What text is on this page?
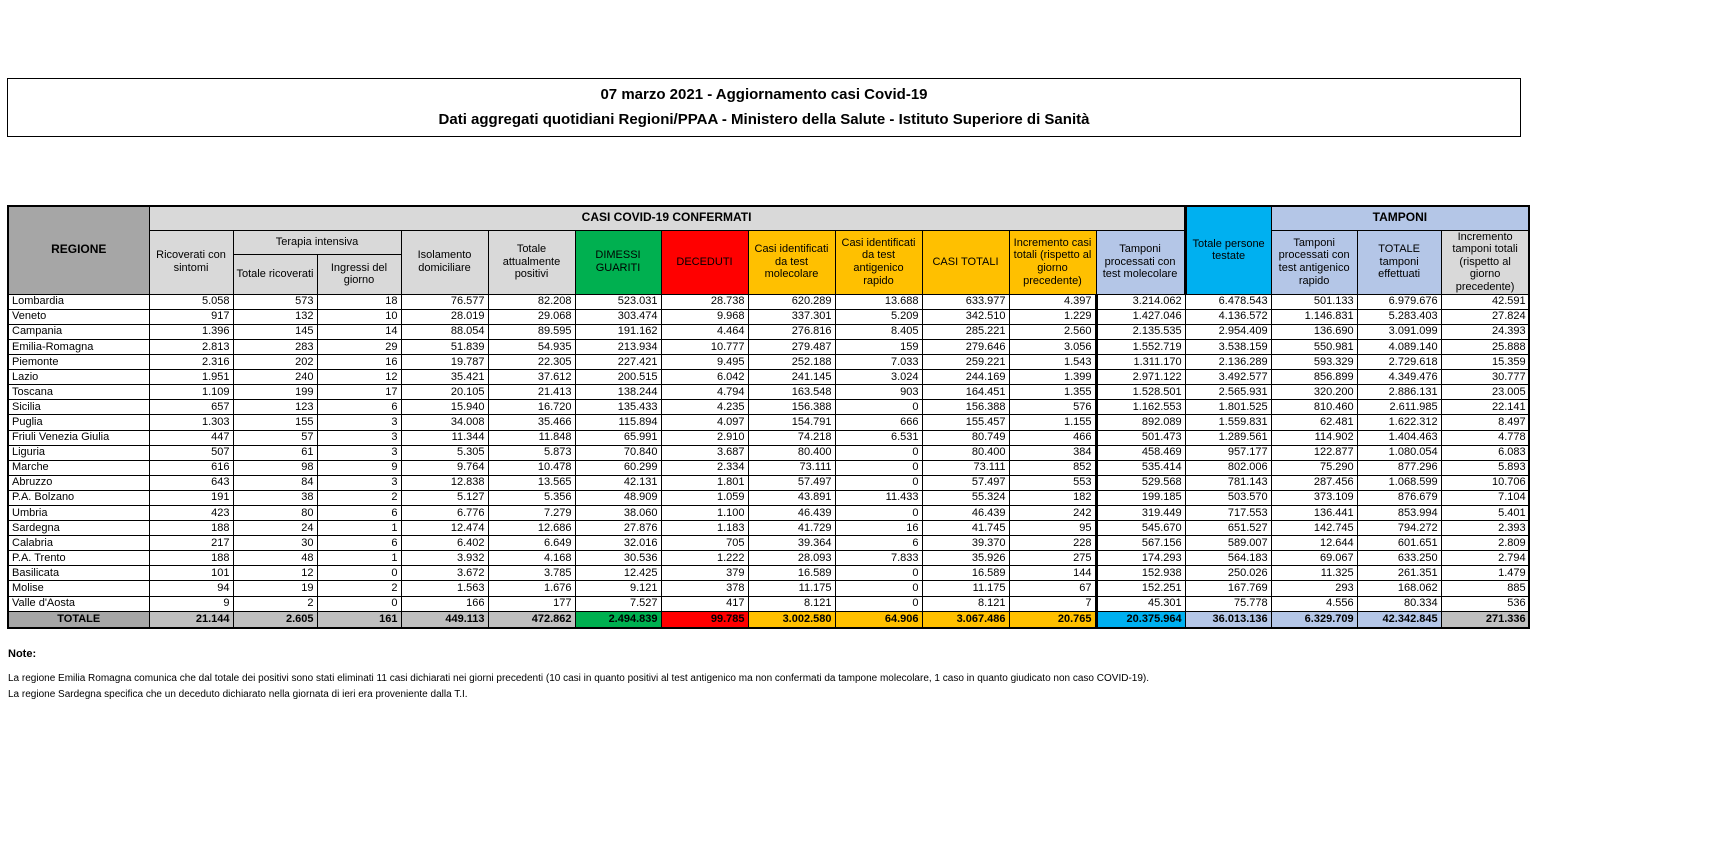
07 marzo 2021 - Aggiornamento casi Covid-19
Dati aggregati quotidiani Regioni/PPAA - Ministero della Salute - Istituto Superiore di Sanità
REGIONE	CASI COVID-19 CONFERMATI												Totale persone testate	TAMPONI		
	Ricoverati con sintomi	Terapia intensiva		Isolamento domiciliare	Totale attualmente positivi	DIMESSI GUARITI	DECEDUTI	Casi identificati da test molecolare	Casi identificati da test antigenico rapido	CASI TOTALI	Incremento casi totali (rispetto al giorno precedente)	Tamponi processati con test molecolare		Tamponi processati con test antigenico rapido	TOTALE tamponi effettuati	Incremento tamponi totali (rispetto al giorno precedente)
		Totale ricoverati	Ingressi del giorno													
Lombardia	5.058	573	18	76.577	82.208	523.031	28.738	620.289	13.688	633.977	4.397	3.214.062	6.478.543	501.133	6.979.676	42.591
Veneto	917	132	10	28.019	29.068	303.474	9.968	337.301	5.209	342.510	1.229	1.427.046	4.136.572	1.146.831	5.283.403	27.824
Campania	1.396	145	14	88.054	89.595	191.162	4.464	276.816	8.405	285.221	2.560	2.135.535	2.954.409	136.690	3.091.099	24.393
Emilia-Romagna	2.813	283	29	51.839	54.935	213.934	10.777	279.487	159	279.646	3.056	1.552.719	3.538.159	550.981	4.089.140	25.888
Piemonte	2.316	202	16	19.787	22.305	227.421	9.495	252.188	7.033	259.221	1.543	1.311.170	2.136.289	593.329	2.729.618	15.359
Lazio	1.951	240	12	35.421	37.612	200.515	6.042	241.145	3.024	244.169	1.399	2.971.122	3.492.577	856.899	4.349.476	30.777
Toscana	1.109	199	17	20.105	21.413	138.244	4.794	163.548	903	164.451	1.355	1.528.501	2.565.931	320.200	2.886.131	23.005
Sicilia	657	123	6	15.940	16.720	135.433	4.235	156.388	0	156.388	576	1.162.553	1.801.525	810.460	2.611.985	22.141
Puglia	1.303	155	3	34.008	35.466	115.894	4.097	154.791	666	155.457	1.155	892.089	1.559.831	62.481	1.622.312	8.497
Friuli Venezia Giulia	447	57	3	11.344	11.848	65.991	2.910	74.218	6.531	80.749	466	501.473	1.289.561	114.902	1.404.463	4.778
Liguria	507	61	3	5.305	5.873	70.840	3.687	80.400	0	80.400	384	458.469	957.177	122.877	1.080.054	6.083
Marche	616	98	9	9.764	10.478	60.299	2.334	73.111	0	73.111	852	535.414	802.006	75.290	877.296	5.893
Abruzzo	643	84	3	12.838	13.565	42.131	1.801	57.497	0	57.497	553	529.568	781.143	287.456	1.068.599	10.706
P.A. Bolzano	191	38	2	5.127	5.356	48.909	1.059	43.891	11.433	55.324	182	199.185	503.570	373.109	876.679	7.104
Umbria	423	80	6	6.776	7.279	38.060	1.100	46.439	0	46.439	242	319.449	717.553	136.441	853.994	5.401
Sardegna	188	24	1	12.474	12.686	27.876	1.183	41.729	16	41.745	95	545.670	651.527	142.745	794.272	2.393
Calabria	217	30	6	6.402	6.649	32.016	705	39.364	6	39.370	228	567.156	589.007	12.644	601.651	2.809
P.A. Trento	188	48	1	3.932	4.168	30.536	1.222	28.093	7.833	35.926	275	174.293	564.183	69.067	633.250	2.794
Basilicata	101	12	0	3.672	3.785	12.425	379	16.589	0	16.589	144	152.938	250.026	11.325	261.351	1.479
Molise	94	19	2	1.563	1.676	9.121	378	11.175	0	11.175	67	152.251	167.769	293	168.062	885
Valle d'Aosta	9	2	0	166	177	7.527	417	8.121	0	8.121	7	45.301	75.778	4.556	80.334	536
TOTALE	21.144	2.605	161	449.113	472.862	2.494.839	99.785	3.002.580	64.906	3.067.486	20.765	20.375.964	36.013.136	6.329.709	42.342.845	271.336

Note:

La regione Emilia Romagna comunica che dal totale dei positivi sono stati eliminati 11 casi dichiarati nei giorni precedenti (10 casi in quanto positivi al test antigenico ma non confermati da tampone molecolare, 1 caso in quanto giudicato non caso COVID-19).

La regione Sardegna specifica che un deceduto dichiarato nella giornata di ieri era proveniente dalla T.I.
